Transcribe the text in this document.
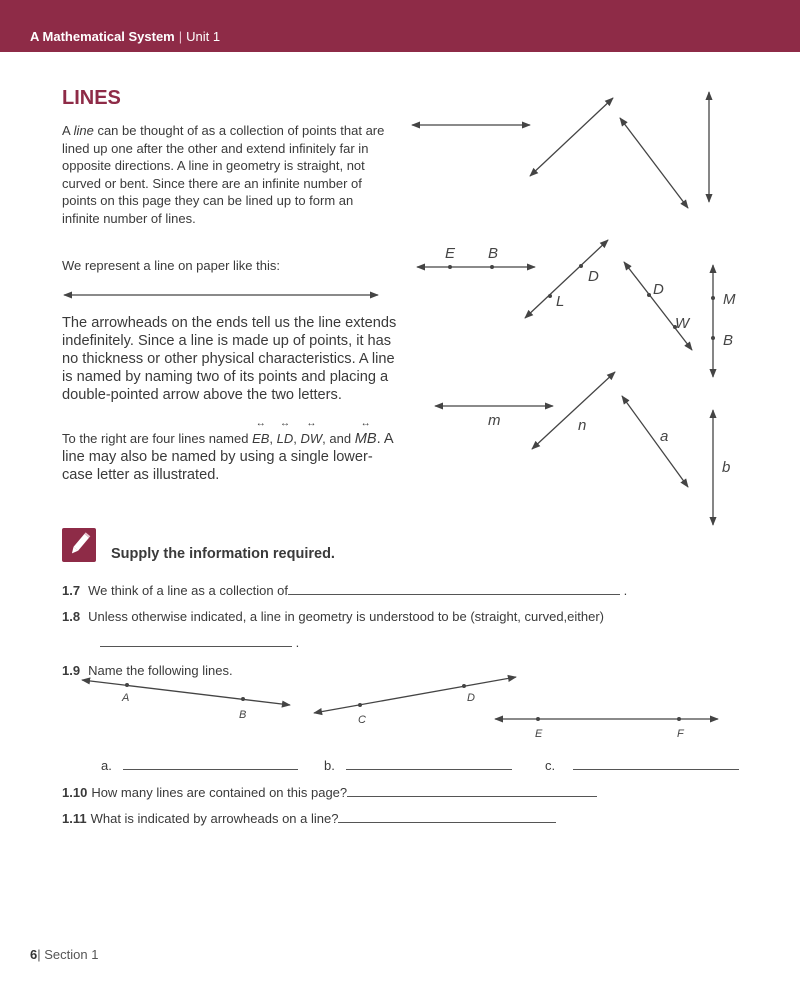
A Mathematical System | Unit 1
LINES
A line can be thought of as a collection of points that are lined up one after the other and extend infinitely far in opposite directions. A line in geometry is straight, not curved or bent. Since there are an infinite number of points on this page they can be lined up to form an infinite number of lines.
We represent a line on paper like this:
The arrowheads on the ends tell us the line extends indefinitely. Since a line is made up of points, it has no thickness or other physical characteristics. A line is named by naming two of its points and placing a double-pointed arrow above the two letters.
To the right are four lines named ↔ EB, ↔ LD, ↔ DW, and ↔ MB. A line may also be named by using a single lower-case letter as illustrated.
E B
D
L
D
W
M
B
m	n
a
b
A
B	C
D
E	F
Supply the information required.
1.7 We think of a line as a collection of	.
1.8 Unless otherwise indicated, a line in geometry is understood to be (straight, curved,either)
.
1.9 Name the following lines.
a.	b.	c.
1.10 How many lines are contained on this page?
1.11 What is indicated by arrowheads on a line?
6| Section 1
